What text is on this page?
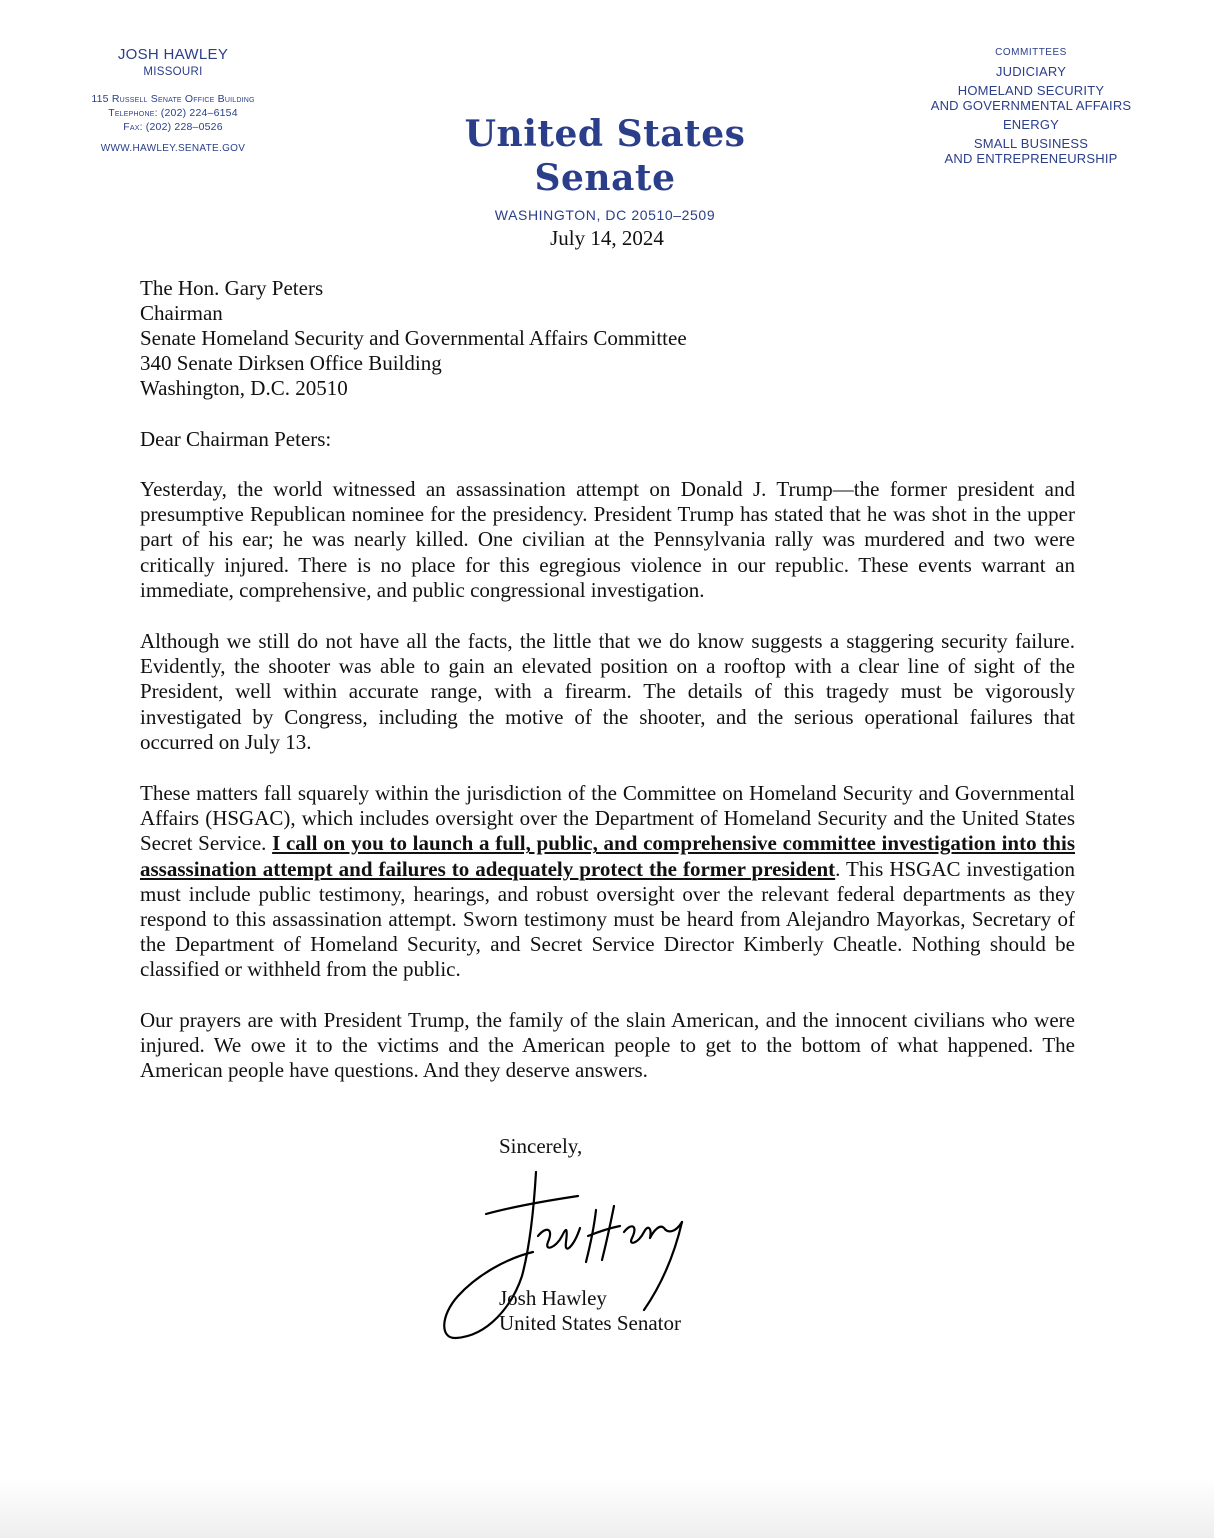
JOSH HAWLEY
MISSOURI
115 Russell Senate Office Building
Telephone: (202) 224–6154
Fax: (202) 228–0526
WWW.HAWLEY.SENATE.GOV	United States Senate
WASHINGTON, DC 20510–2509
COMMITTEES
JUDICIARY
HOMELAND SECURITY
AND GOVERNMENTAL AFFAIRS
ENERGY
SMALL BUSINESS
AND ENTREPRENEURSHIP
July 14, 2024
The Hon. Gary Peters
Chairman
Senate Homeland Security and Governmental Affairs Committee
340 Senate Dirksen Office Building
Washington, D.C. 20510
Dear Chairman Peters:

Yesterday, the world witnessed an assassination attempt on Donald J. Trump—the former president and presumptive Republican nominee for the presidency. President Trump has stated that he was shot in the upper part of his ear; he was nearly killed. One civilian at the Pennsylvania rally was murdered and two were critically injured. There is no place for this egregious violence in our republic. These events warrant an immediate, comprehensive, and public congressional investigation.

Although we still do not have all the facts, the little that we do know suggests a staggering security failure. Evidently, the shooter was able to gain an elevated position on a rooftop with a clear line of sight of the President, well within accurate range, with a firearm. The details of this tragedy must be vigorously investigated by Congress, including the motive of the shooter, and the serious operational failures that occurred on July 13.

These matters fall squarely within the jurisdiction of the Committee on Homeland Security and Governmental Affairs (HSGAC), which includes oversight over the Department of Homeland Security and the United States Secret Service. I call on you to launch a full, public, and comprehensive committee investigation into this assassination attempt and failures to adequately protect the former president. This HSGAC investigation must include public testimony, hearings, and robust oversight over the relevant federal departments as they respond to this assassination attempt. Sworn testimony must be heard from Alejandro Mayorkas, Secretary of the Department of Homeland Security, and Secret Service Director Kimberly Cheatle. Nothing should be classified or withheld from the public.

Our prayers are with President Trump, the family of the slain American, and the innocent civilians who were injured. We owe it to the victims and the American people to get to the bottom of what happened. The American people have questions. And they deserve answers.

Sincerely,
Josh Hawley
United States Senator
